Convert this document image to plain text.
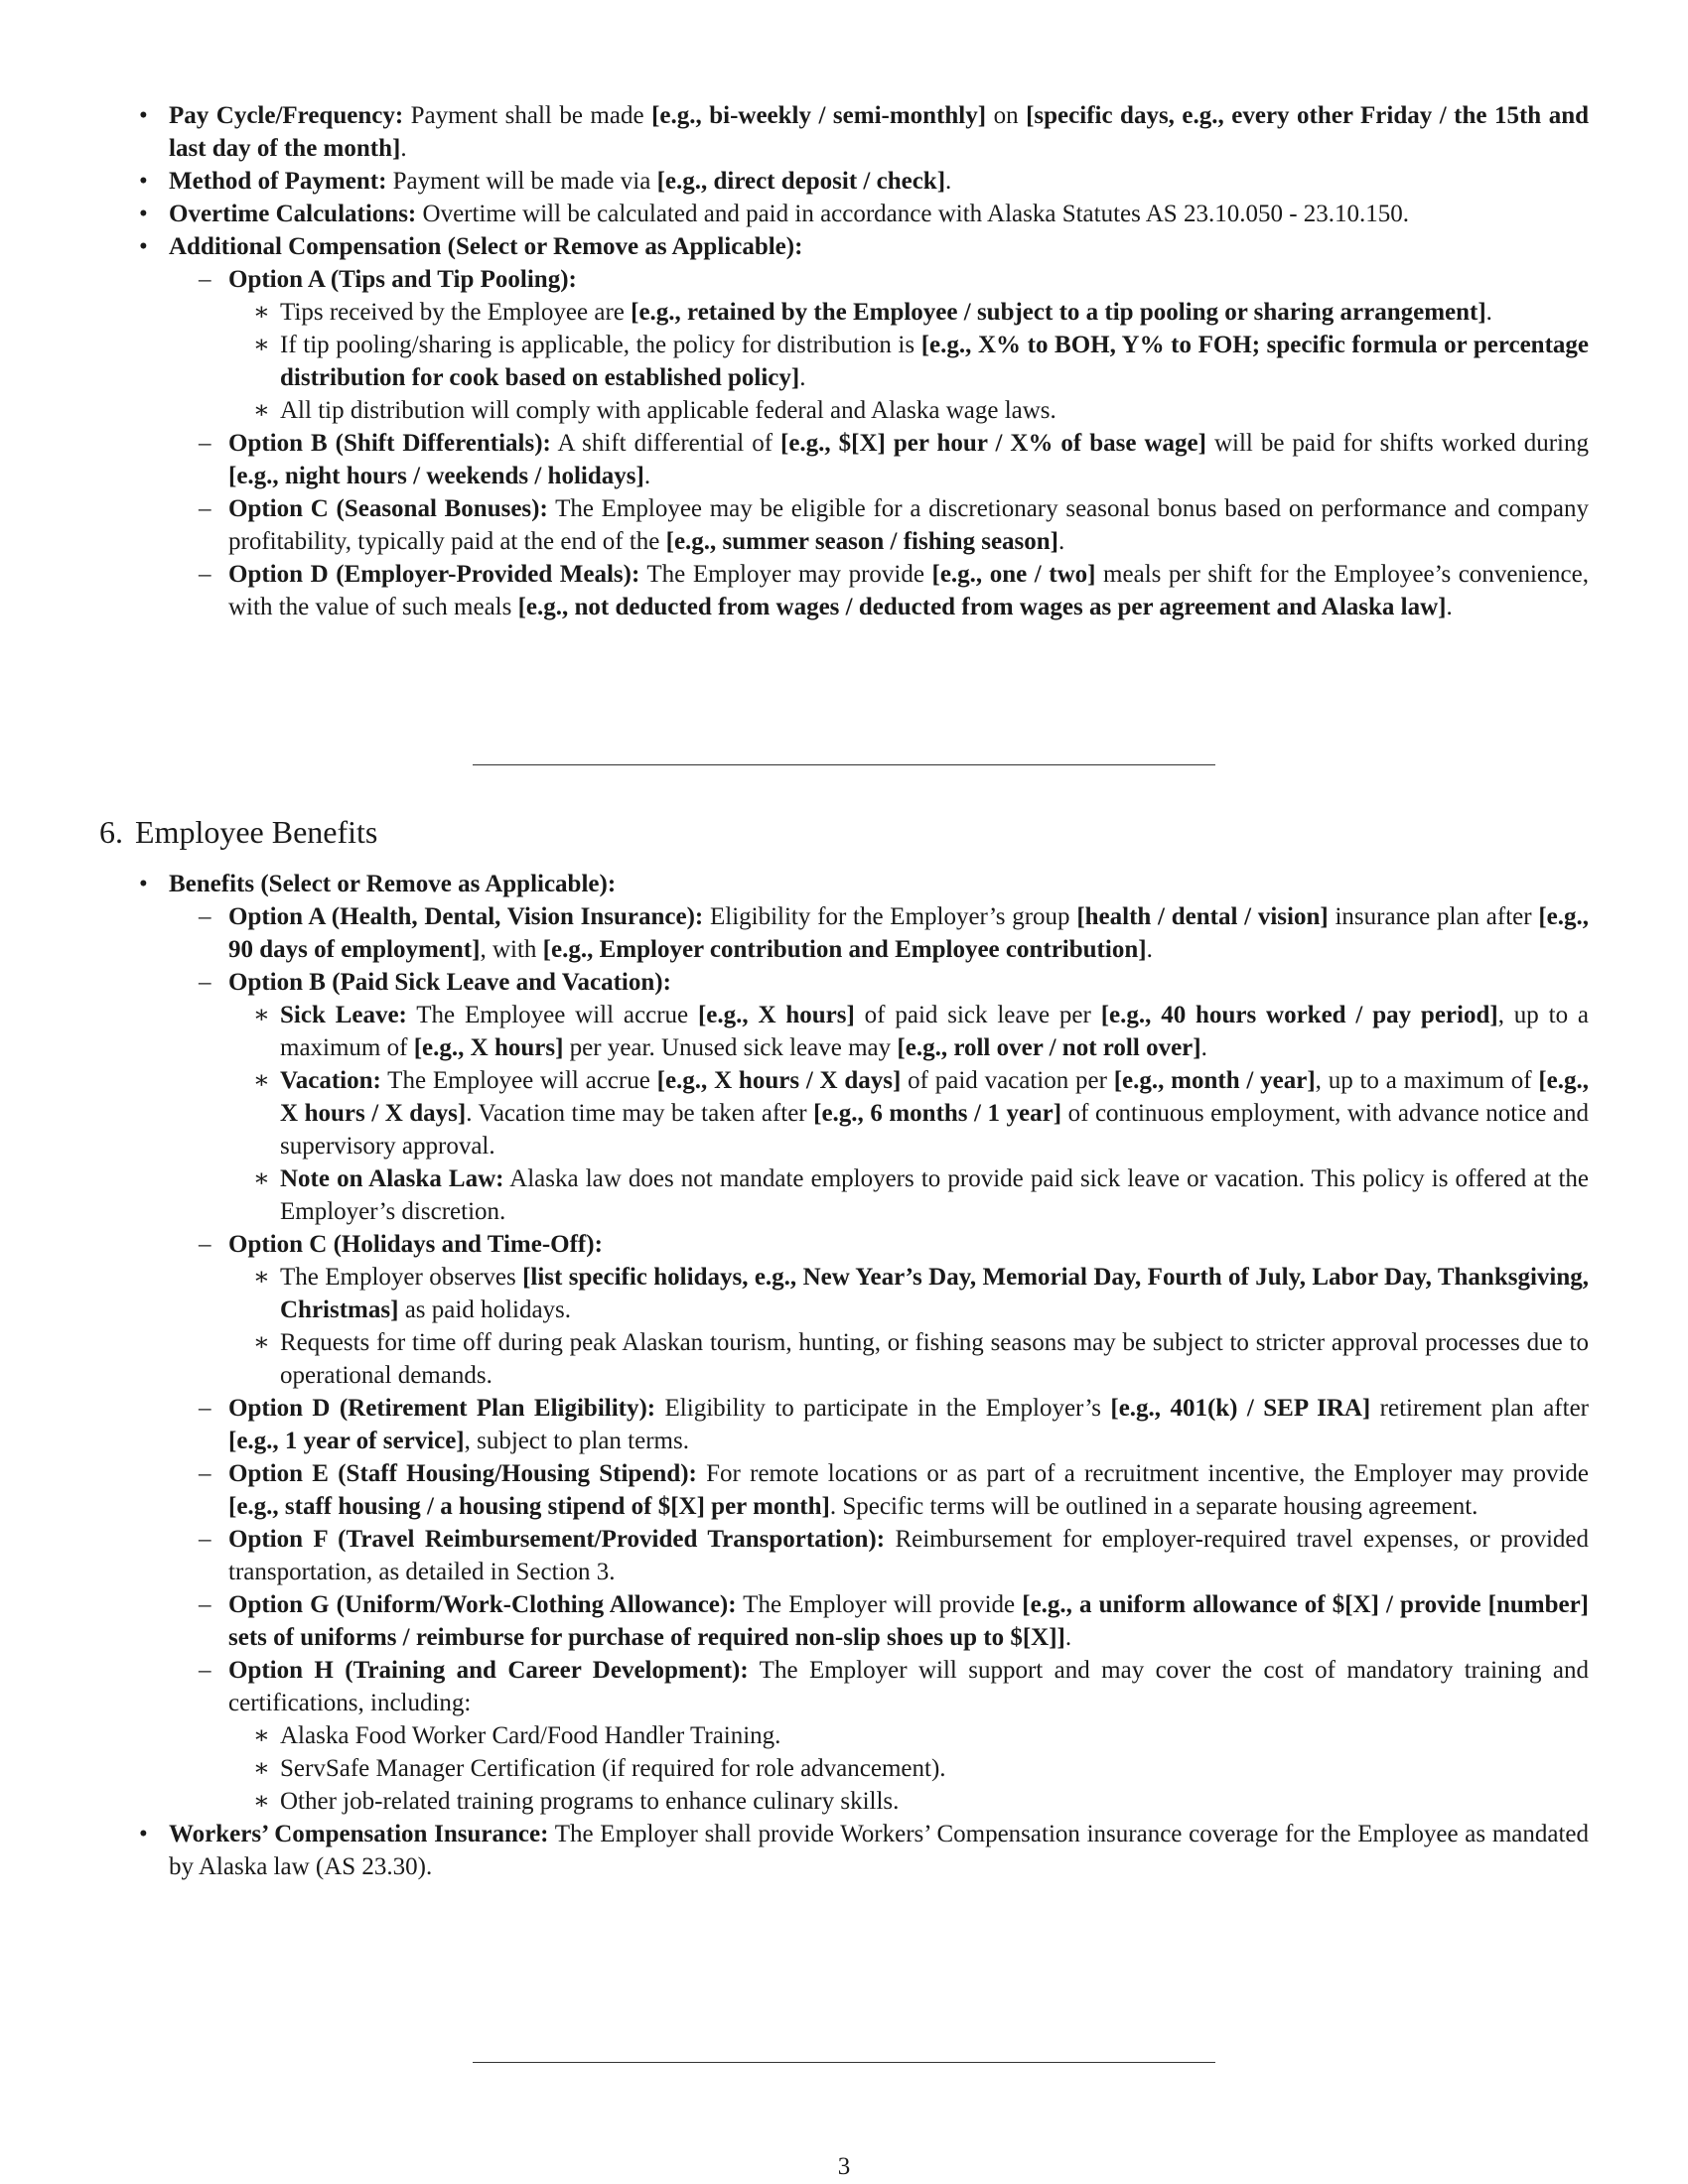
• Pay Cycle/Frequency: Payment shall be made [e.g., bi-weekly / semi-monthly] on [specific days, e.g., every other Friday / the 15th and last day of the month].
• Method of Payment: Payment will be made via [e.g., direct deposit / check].
• Overtime Calculations: Overtime will be calculated and paid in accordance with Alaska Statutes AS 23.10.050 - 23.10.150.
• Additional Compensation (Select or Remove as Applicable):
– Option A (Tips and Tip Pooling):
∗ Tips received by the Employee are [e.g., retained by the Employee / subject to a tip pooling or sharing arrangement].
∗ If tip pooling/sharing is applicable, the policy for distribution is [e.g., X% to BOH, Y% to FOH; specific formula or percentage distribution for cook based on established policy].
∗ All tip distribution will comply with applicable federal and Alaska wage laws.
– Option B (Shift Differentials): A shift differential of [e.g., $[X] per hour / X% of base wage] will be paid for shifts worked during [e.g., night hours / weekends / holidays].
– Option C (Seasonal Bonuses): The Employee may be eligible for a discretionary seasonal bonus based on performance and company profitability, typically paid at the end of the [e.g., summer season / fishing season].
– Option D (Employer-Provided Meals): The Employer may provide [e.g., one / two] meals per shift for the Employee’s convenience, with the value of such meals [e.g., not deducted from wages / deducted from wages as per agreement and Alaska law].
6. Employee Benefits
• Benefits (Select or Remove as Applicable):
– Option A (Health, Dental, Vision Insurance): Eligibility for the Employer’s group [health / dental / vision] insurance plan after [e.g., 90 days of employment], with [e.g., Employer contribution and Employee contribution].
– Option B (Paid Sick Leave and Vacation):
∗ Sick Leave: The Employee will accrue [e.g., X hours] of paid sick leave per [e.g., 40 hours worked / pay period], up to a maximum of [e.g., X hours] per year. Unused sick leave may [e.g., roll over / not roll over].
∗ Vacation: The Employee will accrue [e.g., X hours / X days] of paid vacation per [e.g., month / year], up to a maximum of [e.g., X hours / X days]. Vacation time may be taken after [e.g., 6 months / 1 year] of continuous employment, with advance notice and supervisory approval.
∗ Note on Alaska Law: Alaska law does not mandate employers to provide paid sick leave or vacation. This policy is offered at the Employer’s discretion.
– Option C (Holidays and Time-Off):
∗ The Employer observes [list specific holidays, e.g., New Year’s Day, Memorial Day, Fourth of July, Labor Day, Thanksgiving, Christmas] as paid holidays.
∗ Requests for time off during peak Alaskan tourism, hunting, or fishing seasons may be subject to stricter approval processes due to operational demands.
– Option D (Retirement Plan Eligibility): Eligibility to participate in the Employer’s [e.g., 401(k) / SEP IRA] retirement plan after [e.g., 1 year of service], subject to plan terms.
– Option E (Staff Housing/Housing Stipend): For remote locations or as part of a recruitment incentive, the Employer may provide [e.g., staff housing / a housing stipend of $[X] per month]. Specific terms will be outlined in a separate housing agreement.
– Option F (Travel Reimbursement/Provided Transportation): Reimbursement for employer-required travel expenses, or provided transportation, as detailed in Section 3.
– Option G (Uniform/Work-Clothing Allowance): The Employer will provide [e.g., a uniform allowance of $[X] / provide [number] sets of uniforms / reimburse for purchase of required non-slip shoes up to $[X]].
– Option H (Training and Career Development): The Employer will support and may cover the cost of mandatory training and certifications, including:
∗ Alaska Food Worker Card/Food Handler Training.
∗ ServSafe Manager Certification (if required for role advancement).
∗ Other job-related training programs to enhance culinary skills.
• Workers’ Compensation Insurance: The Employer shall provide Workers’ Compensation insurance coverage for the Employee as mandated by Alaska law (AS 23.30).
3
